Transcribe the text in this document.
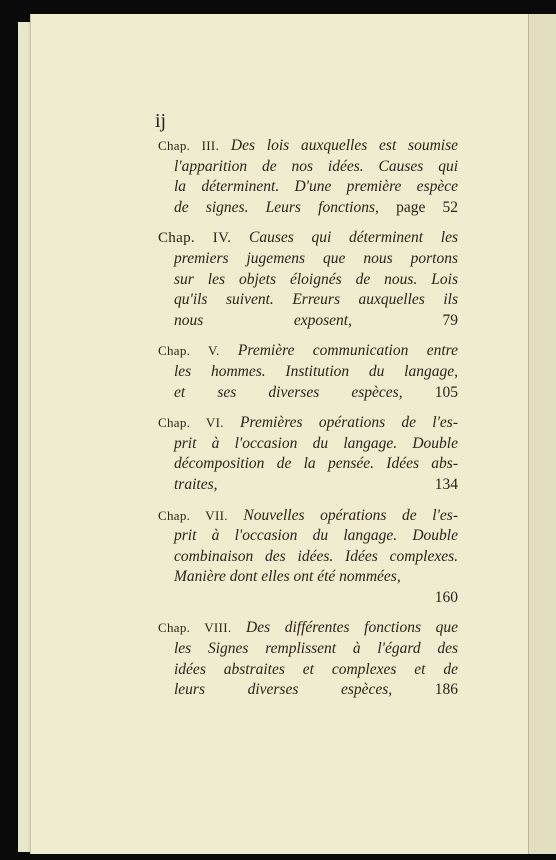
ij
Chap. III. Des lois auxquelles est soumise
l'apparition de nos idées. Causes qui
la déterminent. D'une première espèce
de signes. Leurs fonctions, page 52
Chap. IV. Causes qui déterminent les
premiers jugemens que nous portons
sur les objets éloignés de nous. Lois
qu'ils suivent. Erreurs auxquelles ils
nous exposent,	79
Chap. V. Première communication entre
les hommes. Institution du langage,
et ses diverses espèces, 105
Chap. VI. Premières opérations de l'es-
prit à l'occasion du langage. Double
décomposition de la pensée. Idées abs-
traites,	134
Chap. VII. Nouvelles opérations de l'es-
prit à l'occasion du langage. Double
combinaison des idées. Idées complexes.
Manière dont elles ont été nommées,
160
Chap. VIII. Des différentes fonctions que
les Signes remplissent à l'égard des
idées abstraites et complexes et de
leurs diverses espèces,	186
